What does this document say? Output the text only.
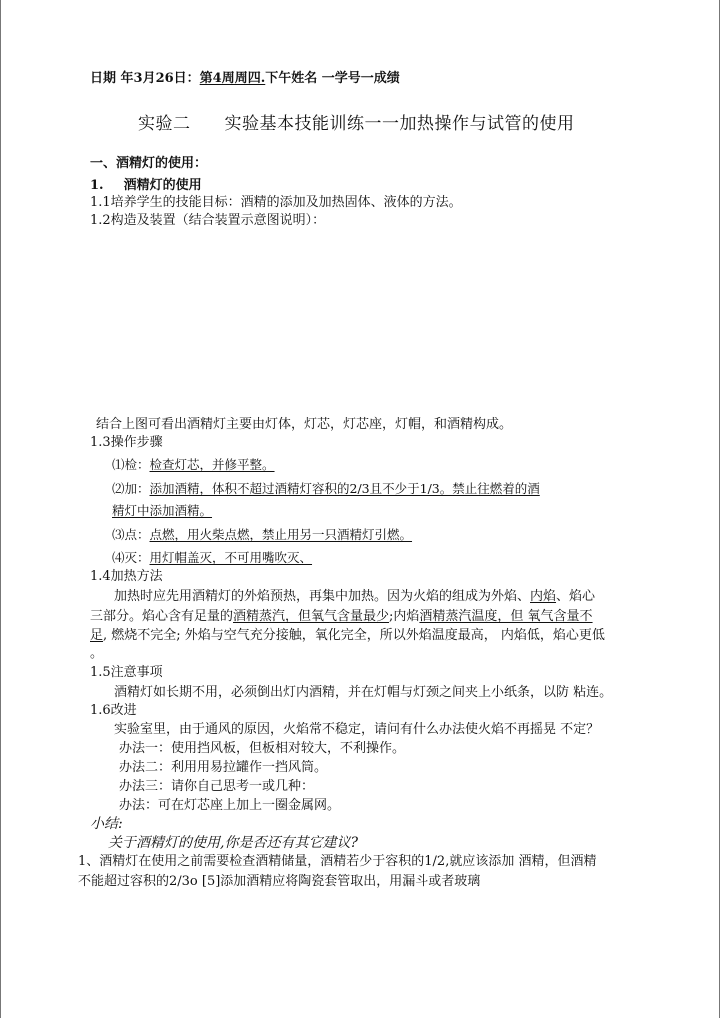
日期 年3月26日：第4周周四.下午姓名 一学号一成绩
实验二 实验基本技能训练一一加热操作与试管的使用
一、酒精灯的使用：
1. 酒精灯的使用
1.1培养学生的技能目标：酒精的添加及加热固体、液体的方法。
1.2构造及装置（结合装置示意图说明）：
结合上图可看出酒精灯主要由灯体，灯芯，灯芯座，灯帽，和酒精构成。
1.3操作步骤
⑴检：检查灯芯，并修平整。
⑵加：添加酒精，体积不超过酒精灯容积的2/3且不少于1/3。禁止往燃着的酒
精灯中添加酒精。
⑶点：点燃，用火柴点燃，禁止用另一只酒精灯引燃。
⑷灭：用灯帽盖灭，不可用嘴吹灭、
1.4加热方法
加热时应先用酒精灯的外焰预热，再集中加热。因为火焰的组成为外焰、内焰、焰心
三部分。焰心含有足量的酒精蒸汽，但氧气含量最少;内焰酒精蒸汽温度，但 氧气含量不
足, 燃烧不完全; 外焰与空气充分接触，氧化完全，所以外焰温度最高， 内焰低，焰心更低
。
1.5注意事项
酒精灯如长期不用，必须倒出灯内酒精，并在灯帽与灯颈之间夹上小纸条，以防 粘连。
1.6改进
实验室里，由于通风的原因，火焰常不稳定，请问有什么办法使火焰不再摇晃 不定？
办法一：使用挡风板，但板相对较大，不利操作。
办法二：利用用易拉罐作一挡风筒。
办法三：请你自己思考一或几种：
办法：可在灯芯座上加上一圈金属网。
小结:
关于酒精灯的使用,你是否还有其它建议?
1、酒精灯在使用之前需要检查酒精储量，酒精若少于容积的1/2,就应该添加 酒精，但酒精
不能超过容积的2/3o [5]添加酒精应将陶瓷套管取出，用漏斗或者玻璃
